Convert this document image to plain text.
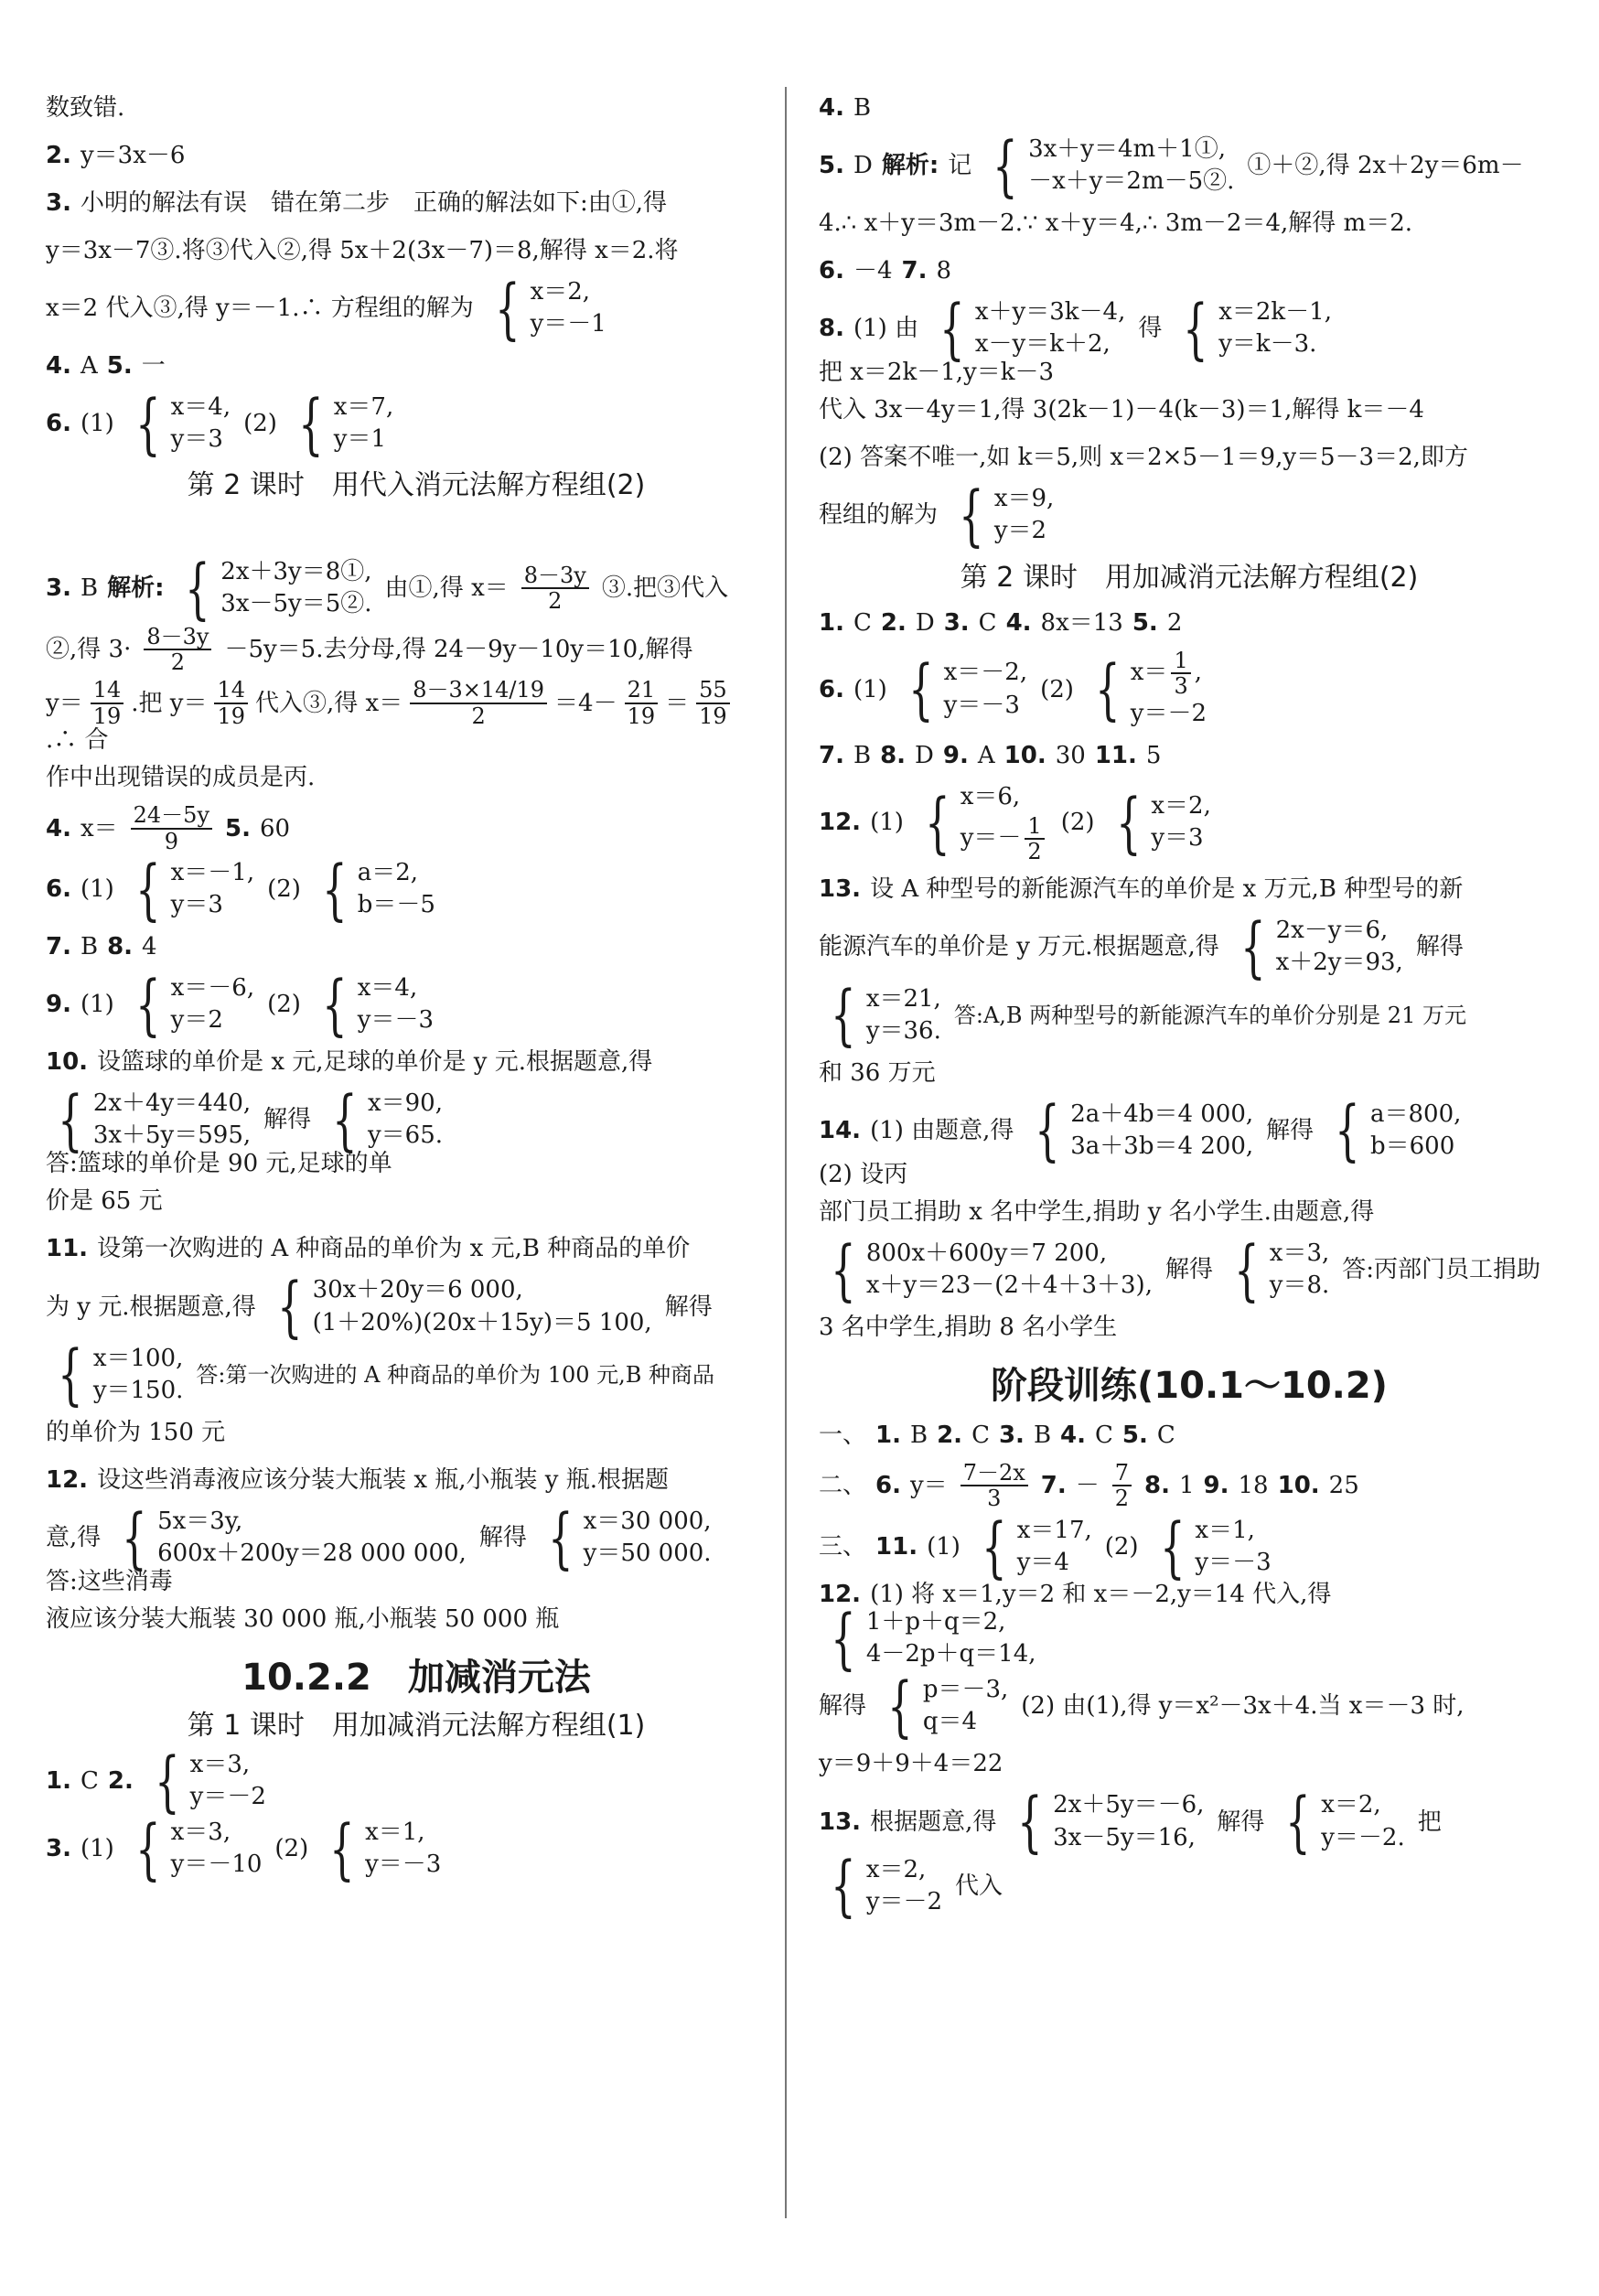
数致错.
2. y＝3x－6
3. 小明的解法有误　错在第二步　正确的解法如下:由①,得
y＝3x－7③.将③代入②,得 5x＋2(3x－7)＝8,解得 x＝2.将
x＝2 代入③,得 y＝－1.∴ 方程组的解为 { x＝2,
y＝－1
4. A 5. 一
6. (1) { x＝4,
y＝3
(2) { x＝7,
y＝1
第 2 课时　用代入消元法解方程组(2)
3. B 解析: { 2x＋3y＝8①,
3x－5y＝5②.
由①,得 $x= \frac{8-3y}{2}$ ③.把③代入
②,得 $3\cdot \frac{8-3y}{2} -5y=5$.去分母,得 24－9y－10y＝10,解得
$y= \frac{14}{19}$ .把 $y= \frac{14}{19}$ 代入③,得 $x= \frac{8-3\times 14/19}{2} =4- \frac{21}{19} = \frac{55}{19}$
.∴ 合
作中出现错误的成员是丙.
4. $x= \frac{24-5y}{9} 5$. 60
6. (1) { x＝－1,
y＝3
(2) { a＝2,
b＝－5
7. B 8. 4
9. (1) { x＝－6,
y＝2
(2) { x＝4,
y＝－3
10. 设篮球的单价是 x 元,足球的单价是 y 元.根据题意,得
{ 2x＋4y＝440,
3x＋5y＝595,
解得 { x＝90,
y＝65.
答:篮球的单价是 90 元,足球的单
价是 65 元
11. 设第一次购进的 A 种商品的单价为 x 元,B 种商品的单价
为 y 元.根据题意,得 { 30x＋20y＝6 000,
(1＋20%)(20x＋15y)＝5 100,
解得
{ x＝100,
y＝150.
答:第一次购进的 A 种商品的单价为 100 元,B 种商品
的单价为 150 元
12. 设这些消毒液应该分装大瓶装 x 瓶,小瓶装 y 瓶.根据题
意,得 { 5x＝3y,
600x＋200y＝28 000 000,
解得 { x＝30 000,
y＝50 000.
答:这些消毒
液应该分装大瓶装 30 000 瓶,小瓶装 50 000 瓶
10.2.2　加减消元法
第 1 课时　用加减消元法解方程组(1)
1. C 2. { x＝3,
y＝－2
3. (1) { x＝3,
y＝－10
(2) { x＝1,
y＝－3
4. B
5. D 解析: 记 { 3x＋y＝4m＋1①,
－x＋y＝2m－5②.
①＋②,得 2x＋2y＝6m－
4.∴ x＋y＝3m－2.∵ x＋y＝4,∴ 3m－2＝4,解得 m＝2.
6. －4 7. 8
8. (1) 由 { x＋y＝3k－4,
x－y＝k＋2,
得 { x＝2k－1,
y＝k－3.
把 x＝2k－1,y＝k－3
代入 3x－4y＝1,得 3(2k－1)－4(k－3)＝1,解得 k＝－4
(2) 答案不唯一,如 k＝5,则 x＝2×5－1＝9,y＝5－3＝2,即方
程组的解为 { x＝9,
y＝2
第 2 课时　用加减消元法解方程组(2)
1. C 2. D 3. C 4. 8x＝13 5. 2
6. (1) { x＝－2,
y＝－3
(2) { $x= \frac{1}{3}$ ,
y＝－2
7. B 8. D 9. A 10. 30 11. 5
12. (1) { x＝6,
$y=- \frac{1}{2} (2)$ { x＝2,
y＝3
13. 设 A 种型号的新能源汽车的单价是 x 万元,B 种型号的新
能源汽车的单价是 y 万元.根据题意,得 { 2x－y＝6,
x＋2y＝93,
解得
{ x＝21,
y＝36.
答:A,B 两种型号的新能源汽车的单价分别是 21 万元
和 36 万元
14. (1) 由题意,得 { 2a＋4b＝4 000,
3a＋3b＝4 200,
解得 { a＝800,
b＝600
(2) 设丙
部门员工捐助 x 名中学生,捐助 y 名小学生.由题意,得
{ 800x＋600y＝7 200,
x＋y＝23－(2＋4＋3＋3),
解得 { x＝3,
y＝8.
答:丙部门员工捐助
3 名中学生,捐助 8 名小学生
阶段训练(10.1～10.2)
一、 1. B 2. C 3. B 4. C 5. C
二、 6. $y= \frac{7-2x}{3} 7$. － $\frac{7}{2} 8$. 1 9. 18 10. 25
三、 11. (1) { x＝17,
y＝4
(2) { x＝1,
y＝－3
12. (1) 将 x＝1,y＝2 和 x＝－2,y＝14 代入,得
{ 1＋p＋q＝2,
4－2p＋q＝14,
解得 { p＝－3,
q＝4
(2) 由(1),得 y＝x²－3x＋4.当 x＝－3 时,
y＝9＋9＋4＝22
13. 根据题意,得 { 2x＋5y＝－6,
3x－5y＝16,
解得 { x＝2,
y＝－2.
把
{ x＝2,
y＝－2
代入
